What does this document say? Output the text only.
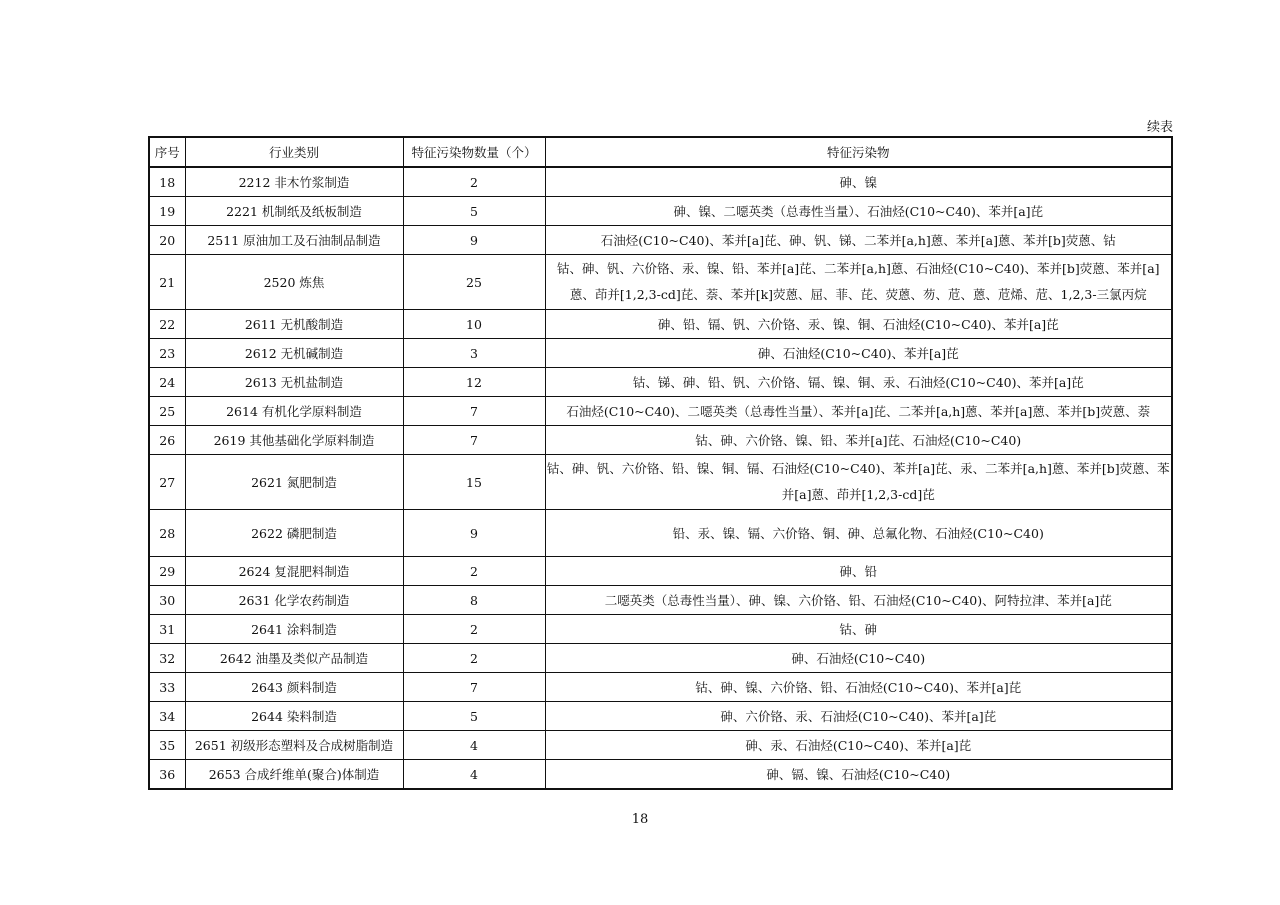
续表
序号	行业类别	特征污染物数量（个）	特征污染物
18	2212 非木竹浆制造	2	砷、镍
19	2221 机制纸及纸板制造	5	砷、镍、二噁英类（总毒性当量）、石油烃(C10~C40)、苯并[a]芘
20	2511 原油加工及石油制品制造	9	石油烃(C10~C40)、苯并[a]芘、砷、钒、锑、二苯并[a,h]蒽、苯并[a]蒽、苯并[b]荧蒽、钴
21	2520 炼焦	25	钴、砷、钒、六价铬、汞、镍、铅、苯并[a]芘、二苯并[a,h]蒽、石油烃(C10~C40)、苯并[b]荧蒽、苯并[a]蒽、茚并[1,2,3-cd]芘、萘、苯并[k]荧蒽、屈、菲、芘、荧蒽、芴、苊、蒽、苊烯、苊、1,2,3-三氯丙烷
22	2611 无机酸制造	10	砷、铅、镉、钒、六价铬、汞、镍、铜、石油烃(C10~C40)、苯并[a]芘
23	2612 无机碱制造	3	砷、石油烃(C10~C40)、苯并[a]芘
24	2613 无机盐制造	12	钴、锑、砷、铅、钒、六价铬、镉、镍、铜、汞、石油烃(C10~C40)、苯并[a]芘
25	2614 有机化学原料制造	7	石油烃(C10~C40)、二噁英类（总毒性当量）、苯并[a]芘、二苯并[a,h]蒽、苯并[a]蒽、苯并[b]荧蒽、萘
26	2619 其他基础化学原料制造	7	钴、砷、六价铬、镍、铅、苯并[a]芘、石油烃(C10~C40)
27	2621 氮肥制造	15	钴、砷、钒、六价铬、铅、镍、铜、镉、石油烃(C10~C40)、苯并[a]芘、汞、二苯并[a,h]蒽、苯并[b]荧蒽、苯并[a]蒽、茚并[1,2,3-cd]芘
28	2622 磷肥制造	9	铅、汞、镍、镉、六价铬、铜、砷、总氟化物、石油烃(C10~C40)
29	2624 复混肥料制造	2	砷、铅
30	2631 化学农药制造	8	二噁英类（总毒性当量）、砷、镍、六价铬、铅、石油烃(C10~C40)、阿特拉津、苯并[a]芘
31	2641 涂料制造	2	钴、砷
32	2642 油墨及类似产品制造	2	砷、石油烃(C10~C40)
33	2643 颜料制造	7	钴、砷、镍、六价铬、铅、石油烃(C10~C40)、苯并[a]芘
34	2644 染料制造	5	砷、六价铬、汞、石油烃(C10~C40)、苯并[a]芘
35	2651 初级形态塑料及合成树脂制造	4	砷、汞、石油烃(C10~C40)、苯并[a]芘
36	2653 合成纤维单(聚合)体制造	4	砷、镉、镍、石油烃(C10~C40)
18
